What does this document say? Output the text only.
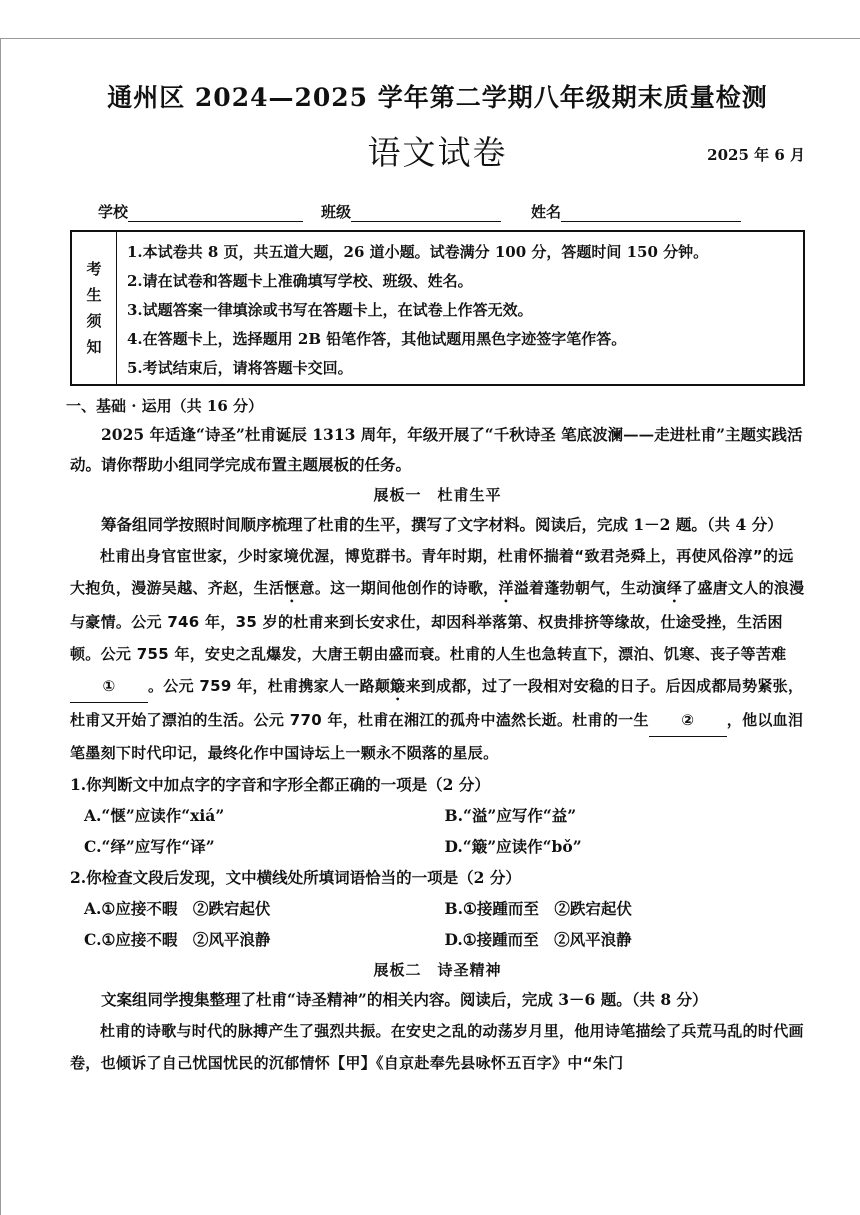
通州区 2024—2025 学年第二学期八年级期末质量检测
语文试卷	2025 年 6 月
学校	班级	姓名
考
生
须
知
1.本试卷共 8 页，共五道大题，26 道小题。试卷满分 100 分，答题时间 150 分钟。
2.请在试卷和答题卡上准确填写学校、班级、姓名。
3.试题答案一律填涂或书写在答题卡上，在试卷上作答无效。
4.在答题卡上，选择题用 2B 铅笔作答，其他试题用黑色字迹签字笔作答。
5.考试结束后，请将答题卡交回。
一、基础 · 运用（共 16 分）

2025 年适逢“诗圣”杜甫诞辰 1313 周年，年级开展了“千秋诗圣 笔底波澜——走进杜甫”主题实践活动。请你帮助小组同学完成布置主题展板的任务。

展板一 杜甫生平

筹备组同学按照时间顺序梳理了杜甫的生平，撰写了文字材料。阅读后，完成 1－2 题。（共 4 分）

杜甫出身官宦世家，少时家境优渥，博览群书。青年时期，杜甫怀揣着“致君尧舜上，再使风俗淳”的远大抱负，漫游吴越、齐赵，生活惬意。这一期间他创作的诗歌，洋溢着蓬勃朝气，生动演绎了盛唐文人的浪漫与豪情。公元 746 年，35 岁的杜甫来到长安求仕，却因科举落第、权贵排挤等缘故，仕途受挫，生活困顿。公元 755 年，安史之乱爆发，大唐王朝由盛而衰。杜甫的人生也急转直下，漂泊、饥寒、丧子等苦难① 。公元 759 年，杜甫携家人一路颠簸来到成都，过了一段相对安稳的日子。后因成都局势紧张，杜甫又开始了漂泊的生活。公元 770 年，杜甫在湘江的孤舟中溘然长逝。杜甫的一生 ② ，他以血泪笔墨刻下时代印记，最终化作中国诗坛上一颗永不陨落的星辰。

1.你判断文中加点字的字音和字形全都正确的一项是（2 分）
A.“惬”应读作“xiá”	B.“溢”应写作“益”
C.“绎”应写作“译”	D.“簸”应读作“bǒ”
2.你检查文段后发现，文中横线处所填词语恰当的一项是（2 分）
A.①应接不暇　②跌宕起伏	B.①接踵而至　②跌宕起伏
C.①应接不暇　②风平浪静	D.①接踵而至　②风平浪静
展板二 诗圣精神

文案组同学搜集整理了杜甫“诗圣精神”的相关内容。阅读后，完成 3－6 题。（共 8 分）

杜甫的诗歌与时代的脉搏产生了强烈共振。在安史之乱的动荡岁月里，他用诗笔描绘了兵荒马乱的时代画卷，也倾诉了自己忧国忧民的沉郁情怀【甲】《自京赴奉先县咏怀五百字》中“朱门
